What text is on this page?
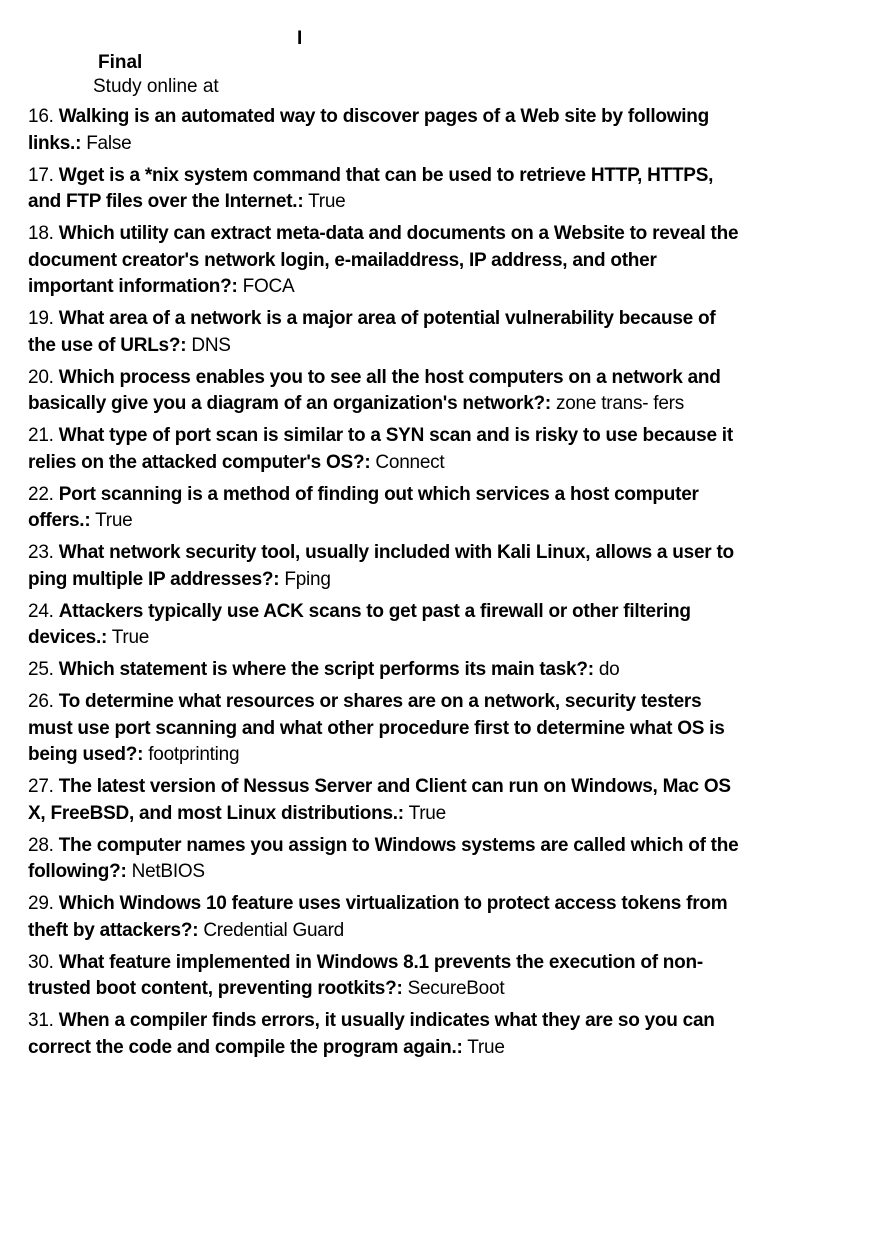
I
Final
Study online at
16. Walking is an automated way to discover pages of a Web site by following links.: False
17. Wget is a *nix system command that can be used to retrieve HTTP, HTTPS, and FTP files over the Internet.: True
18. Which utility can extract meta-data and documents on a Website to reveal the document creator's network login, e-mailaddress, IP address, and other important information?: FOCA
19. What area of a network is a major area of potential vulnerability because of the use of URLs?: DNS
20. Which process enables you to see all the host computers on a network and basically give you a diagram of an organization's network?: zone trans- fers
21. What type of port scan is similar to a SYN scan and is risky to use because it relies on the attacked computer's OS?: Connect
22. Port scanning is a method of finding out which services a host computer offers.: True
23. What network security tool, usually included with Kali Linux, allows a user to ping multiple IP addresses?: Fping
24. Attackers typically use ACK scans to get past a firewall or other filtering devices.: True
25. Which statement is where the script performs its main task?: do
26. To determine what resources or shares are on a network, security testers must use port scanning and what other procedure first to determine what OS is being used?: footprinting
27. The latest version of Nessus Server and Client can run on Windows, Mac OS X, FreeBSD, and most Linux distributions.: True
28. The computer names you assign to Windows systems are called which of the following?: NetBIOS
29. Which Windows 10 feature uses virtualization to protect access tokens from theft by attackers?: Credential Guard
30. What feature implemented in Windows 8.1 prevents the execution of non-trusted boot content, preventing rootkits?: SecureBoot
31. When a compiler finds errors, it usually indicates what they are so you can correct the code and compile the program again.: True
